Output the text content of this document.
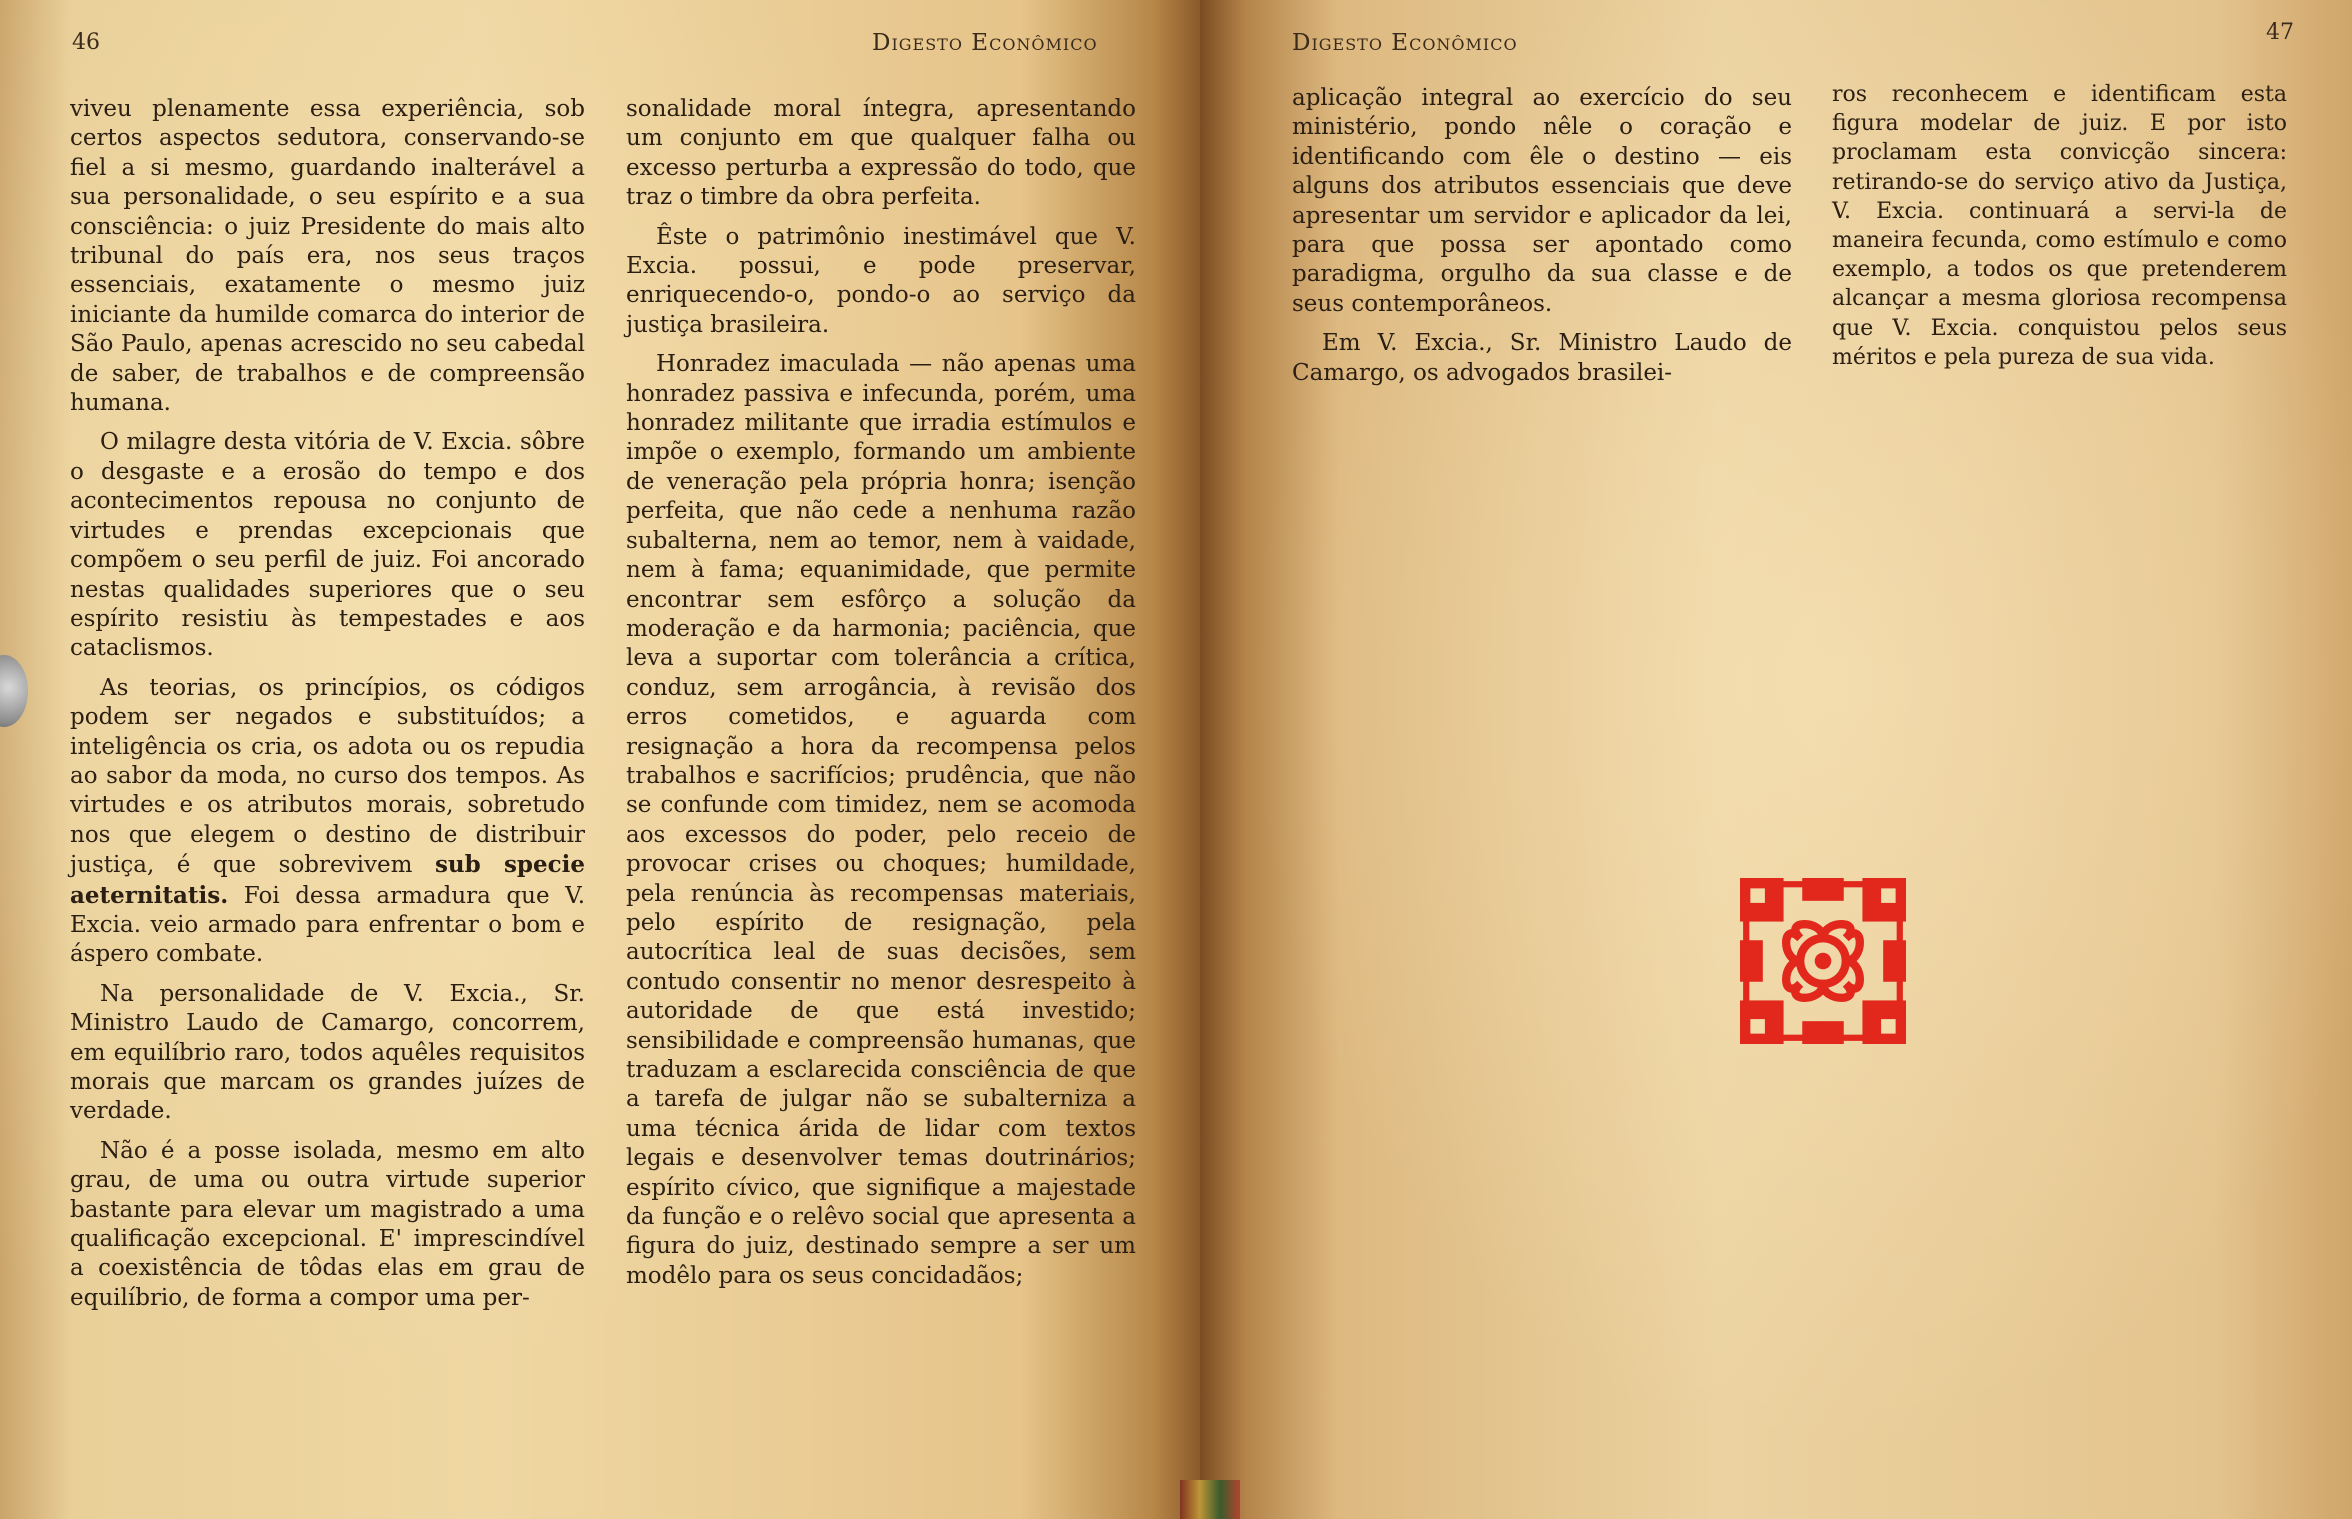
46	Digesto Econômico

viveu plenamente essa experiência, sob certos aspectos sedutora, conservando-se fiel a si mesmo, guardando inalterável a sua personalidade, o seu espírito e a sua consciência: o juiz Presidente do mais alto tribunal do país era, nos seus traços essenciais, exatamente o mesmo juiz iniciante da humilde comarca do interior de São Paulo, apenas acrescido no seu cabedal de saber, de trabalhos e de compreensão humana.

O milagre desta vitória de V. Excia. sôbre o desgaste e a erosão do tempo e dos acontecimentos repousa no conjunto de virtudes e prendas excepcionais que compõem o seu perfil de juiz. Foi ancorado nestas qualidades superiores que o seu espírito resistiu às tempestades e aos cataclismos.

As teorias, os princípios, os códigos podem ser negados e substituídos; a inteligência os cria, os adota ou os repudia ao sabor da moda, no curso dos tempos. As virtudes e os atributos morais, sobretudo nos que elegem o destino de distribuir justiça, é que sobrevivem sub specie aeternitatis. Foi dessa armadura que V. Excia. veio armado para enfrentar o bom e áspero combate.

Na personalidade de V. Excia., Sr. Ministro Laudo de Camargo, concorrem, em equilíbrio raro, todos aquêles requisitos morais que marcam os grandes juízes de verdade.

Não é a posse isolada, mesmo em alto grau, de uma ou outra virtude superior bastante para elevar um magistrado a uma qualificação excepcional. E' imprescindível a coexistência de tôdas elas em grau de equilíbrio, de forma a compor uma per-

sonalidade moral íntegra, apresentando um conjunto em que qualquer falha ou excesso perturba a expressão do todo, que traz o timbre da obra perfeita.

Êste o patrimônio inestimável que V. Excia. possui, e pode preservar, enriquecendo-o, pondo-o ao serviço da justiça brasileira.

Honradez imaculada — não apenas uma honradez passiva e infecunda, porém, uma honradez militante que irradia estímulos e impõe o exemplo, formando um ambiente de veneração pela própria honra; isenção perfeita, que não cede a nenhuma razão subalterna, nem ao temor, nem à vaidade, nem à fama; equanimidade, que permite encontrar sem esfôrço a solução da moderação e da harmonia; paciência, que leva a suportar com tolerância a crítica, conduz, sem arrogância, à revisão dos erros cometidos, e aguarda com resignação a hora da recompensa pelos trabalhos e sacrifícios; prudência, que não se confunde com timidez, nem se acomoda aos excessos do poder, pelo receio de provocar crises ou choques; humildade, pela renúncia às recompensas materiais, pelo espírito de resignação, pela autocrítica leal de suas decisões, sem contudo consentir no menor desrespeito à autoridade de que está investido; sensibilidade e compreensão humanas, que traduzam a esclarecida consciência de que a tarefa de julgar não se subalterniza a uma técnica árida de lidar com textos legais e desenvolver temas doutrinários; espírito cívico, que signifique a majestade da função e o relêvo social que apresenta a figura do juiz, destinado sempre a ser um modêlo para os seus concidadãos;

Digesto Econômico	47

aplicação integral ao exercício do seu ministério, pondo nêle o coração e identificando com êle o destino — eis alguns dos atributos essenciais que deve apresentar um servidor e aplicador da lei, para que possa ser apontado como paradigma, orgulho da sua classe e de seus contemporâneos.

Em V. Excia., Sr. Ministro Laudo de Camargo, os advogados brasilei-

ros reconhecem e identificam esta figura modelar de juiz. E por isto proclamam esta convicção sincera: retirando-se do serviço ativo da Justiça, V. Excia. continuará a servi-la de maneira fecunda, como estímulo e como exemplo, a todos os que pretenderem alcançar a mesma gloriosa recompensa que V. Excia. conquistou pelos seus méritos e pela pureza de sua vida.
